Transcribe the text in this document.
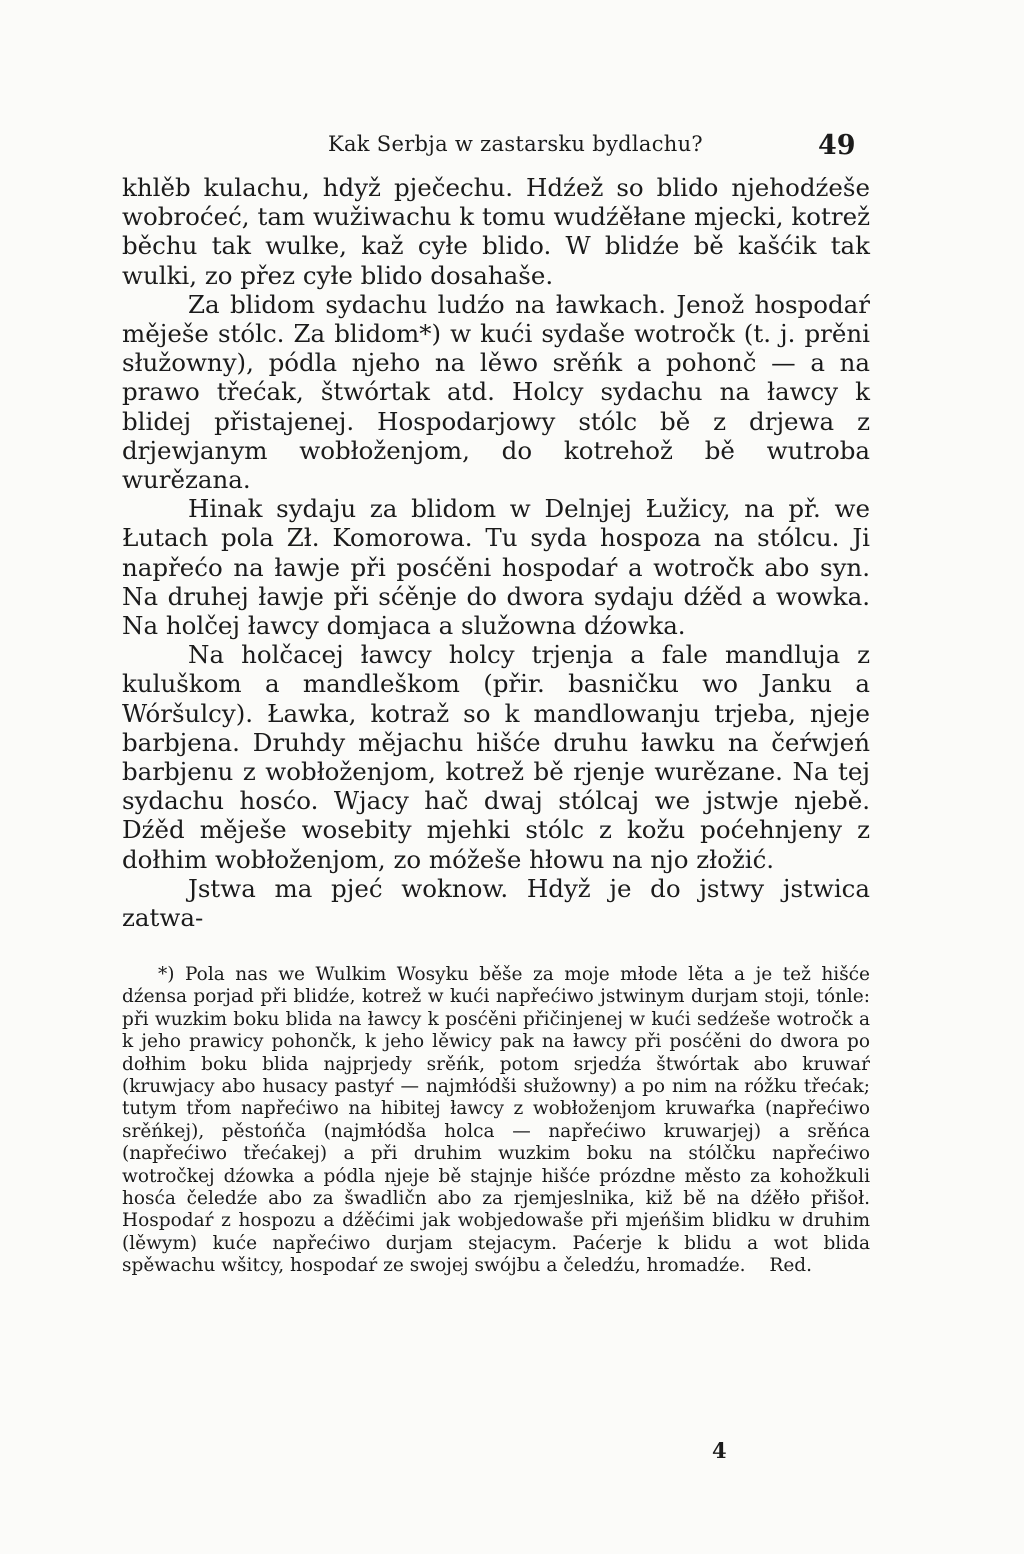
Kak Serbja w zastarsku bydlachu?	49

khlěb kulachu, hdyž pječechu. Hdźež so blido njehodźeše wobroćeć, tam wužiwachu k tomu wudźěłane mjecki, kotrež běchu tak wulke, kaž cyłe blido. W blidźe bě kašćik tak wulki, zo přez cyłe blido dosahaše.

Za blidom sydachu ludźo na ławkach. Jenož hospodaŕ měješe stólc. Za blidom*) w kući sydaše wotročk (t. j. prěni słužowny), pódla njeho na lěwo srěńk a pohonč — a na prawo třećak, štwórtak atd. Holcy sydachu na ławcy k blidej přistajenej. Hospodarjowy stólc bě z drjewa z drjewjanym wobłoženjom, do kotrehož bě wutroba wurězana.

Hinak sydaju za blidom w Delnjej Łužicy, na př. we Łutach pola Zł. Komorowa. Tu syda hospoza na stólcu. Ji napřećo na ławje při posćěni hospodaŕ a wotročk abo syn. Na druhej ławje při sćěnje do dwora sydaju dźěd a wowka. Na holčej ławcy domjaca a služowna dźowka.

Na holčacej ławcy holcy trjenja a fale mandluja z kuluškom a mandleškom (přir. basničku wo Janku a Wóršulcy). Ławka, kotraž so k mandlowanju trjeba, njeje barbjena. Druhdy mějachu hišće druhu ławku na čeŕwjeń barbjenu z wobłoženjom, kotrež bě rjenje wurězane. Na tej sydachu hosćo. Wjacy hač dwaj stólcaj we jstwje njebě. Dźěd měješe wosebity mjehki stólc z kožu poćehnjeny z dołhim wobłoženjom, zo móžeše hłowu na njo złožić.

Jstwa ma pjeć woknow. Hdyž je do jstwy jstwica zatwa-

*) Pola nas we Wulkim Wosyku běše za moje młode lěta a je tež hišće dźensa porjad při blidźe, kotrež w kući napřećiwo jstwinym durjam stoji, tónle: při wuzkim boku blida na ławcy k posćěni přičinjenej w kući sedźeše wotročk a k jeho prawicy pohončk, k jeho lěwicy pak na ławcy při posćěni do dwora po dołhim boku blida najprjedy srěńk, potom srjedźa štwórtak abo kruwaŕ (kruwjacy abo husacy pastyŕ — najmłódši słužowny) a po nim na róžku třećak; tutym třom napřećiwo na hibitej ławcy z wobłoženjom kruwaŕka (napřećiwo srěńkej), pěstońča (najmłódša holca — napřećiwo kruwarjej) a srěńca (napřećiwo třećakej) a při druhim wuzkim boku na stólčku napřećiwo wotročkej dźowka a pódla njeje bě stajnje hišće prózdne město za kohožkuli hosća čeledźe abo za šwadličn abo za rjemjeslnika, kiž bě na dźěło přišoł. Hospodaŕ z hospozu a dźěćimi jak wobjedowaše při mjeńšim blidku w druhim (lěwym) kuće napřećiwo durjam stejacym. Paćerje k blidu a wot blida spěwachu wšitcy, hospodaŕ ze swojej swójbu a čeledźu, hromadźe. Red.

4
